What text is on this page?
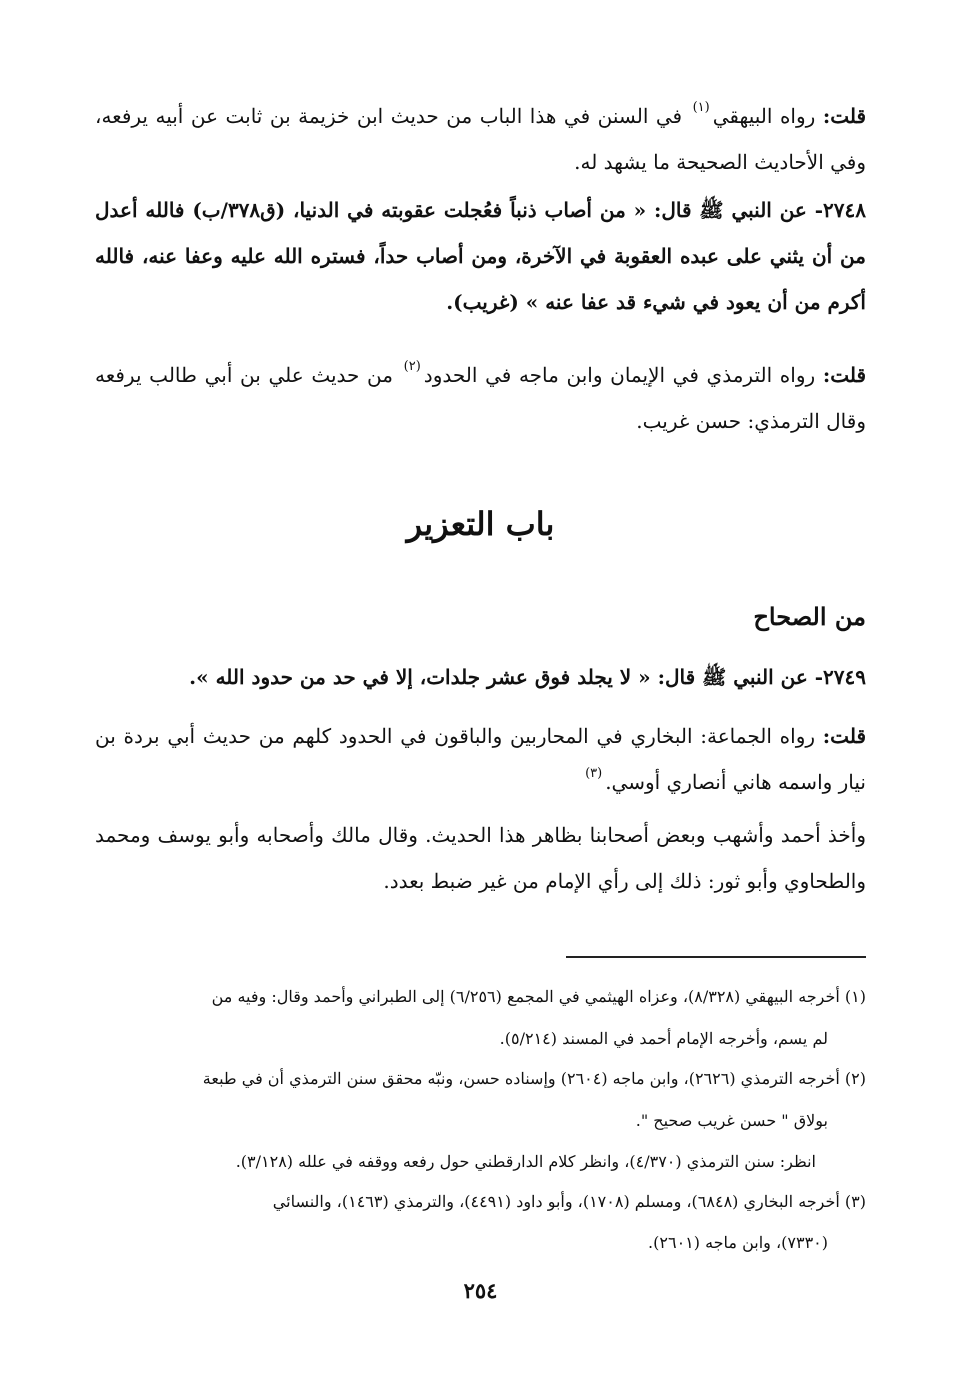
قلت: رواه البيهقي$^{(١)}$ في السنن في هذا الباب من حديث ابن خزيمة بن ثابت عن أبيه يرفعه، وفي الأحاديث الصحيحة ما يشهد له.
٢٧٤٨- عن النبي ﷺ قال: « من أصاب ذنباً فعُجلت عقوبته في الدنيا، (ق٣٧٨/ب) فالله أعدل من أن يثني على عبده العقوبة في الآخرة، ومن أصاب حداً، فستره الله عليه وعفا عنه، فالله أكرم من أن يعود في شيء قد عفا عنه » (غريب).
قلت: رواه الترمذي في الإيمان وابن ماجه في الحدود$^{(٢)}$ من حديث علي بن أبي طالب يرفعه وقال الترمذي: حسن غريب.
باب التعزير
من الصحاح
٢٧٤٩- عن النبي ﷺ قال: « لا يجلد فوق عشر جلدات، إلا في حد من حدود الله ».
قلت: رواه الجماعة: البخاري في المحاربين والباقون في الحدود كلهم من حديث أبي بردة بن نيار واسمه هاني أنصاري أوسي.$^{(٣)}$
وأخذ أحمد وأشهب وبعض أصحابنا بظاهر هذا الحديث. وقال مالك وأصحابه وأبو يوسف ومحمد والطحاوي وأبو ثور: ذلك إلى رأي الإمام من غير ضبط بعدد.
(١) أخرجه البيهقي (٨/٣٢٨)، وعزاه الهيثمي في المجمع (٦/٢٥٦) إلى الطبراني وأحمد وقال: وفيه من
لم يسم، وأخرجه الإمام أحمد في المسند (٥/٢١٤).
(٢) أخرجه الترمذي (٢٦٢٦)، وابن ماجه (٢٦٠٤) وإسناده حسن، ونبّه محقق سنن الترمذي أن في طبعة
بولاق " حسن غريب صحيح ".
انظر: سنن الترمذي (٤/٣٧٠)، وانظر كلام الدارقطني حول رفعه ووقفه في علله (٣/١٢٨).
(٣) أخرجه البخاري (٦٨٤٨)، ومسلم (١٧٠٨)، وأبو داود (٤٤٩١)، والترمذي (١٤٦٣)، والنسائي
(٧٣٣٠)، وابن ماجه (٢٦٠١).
٢٥٤
